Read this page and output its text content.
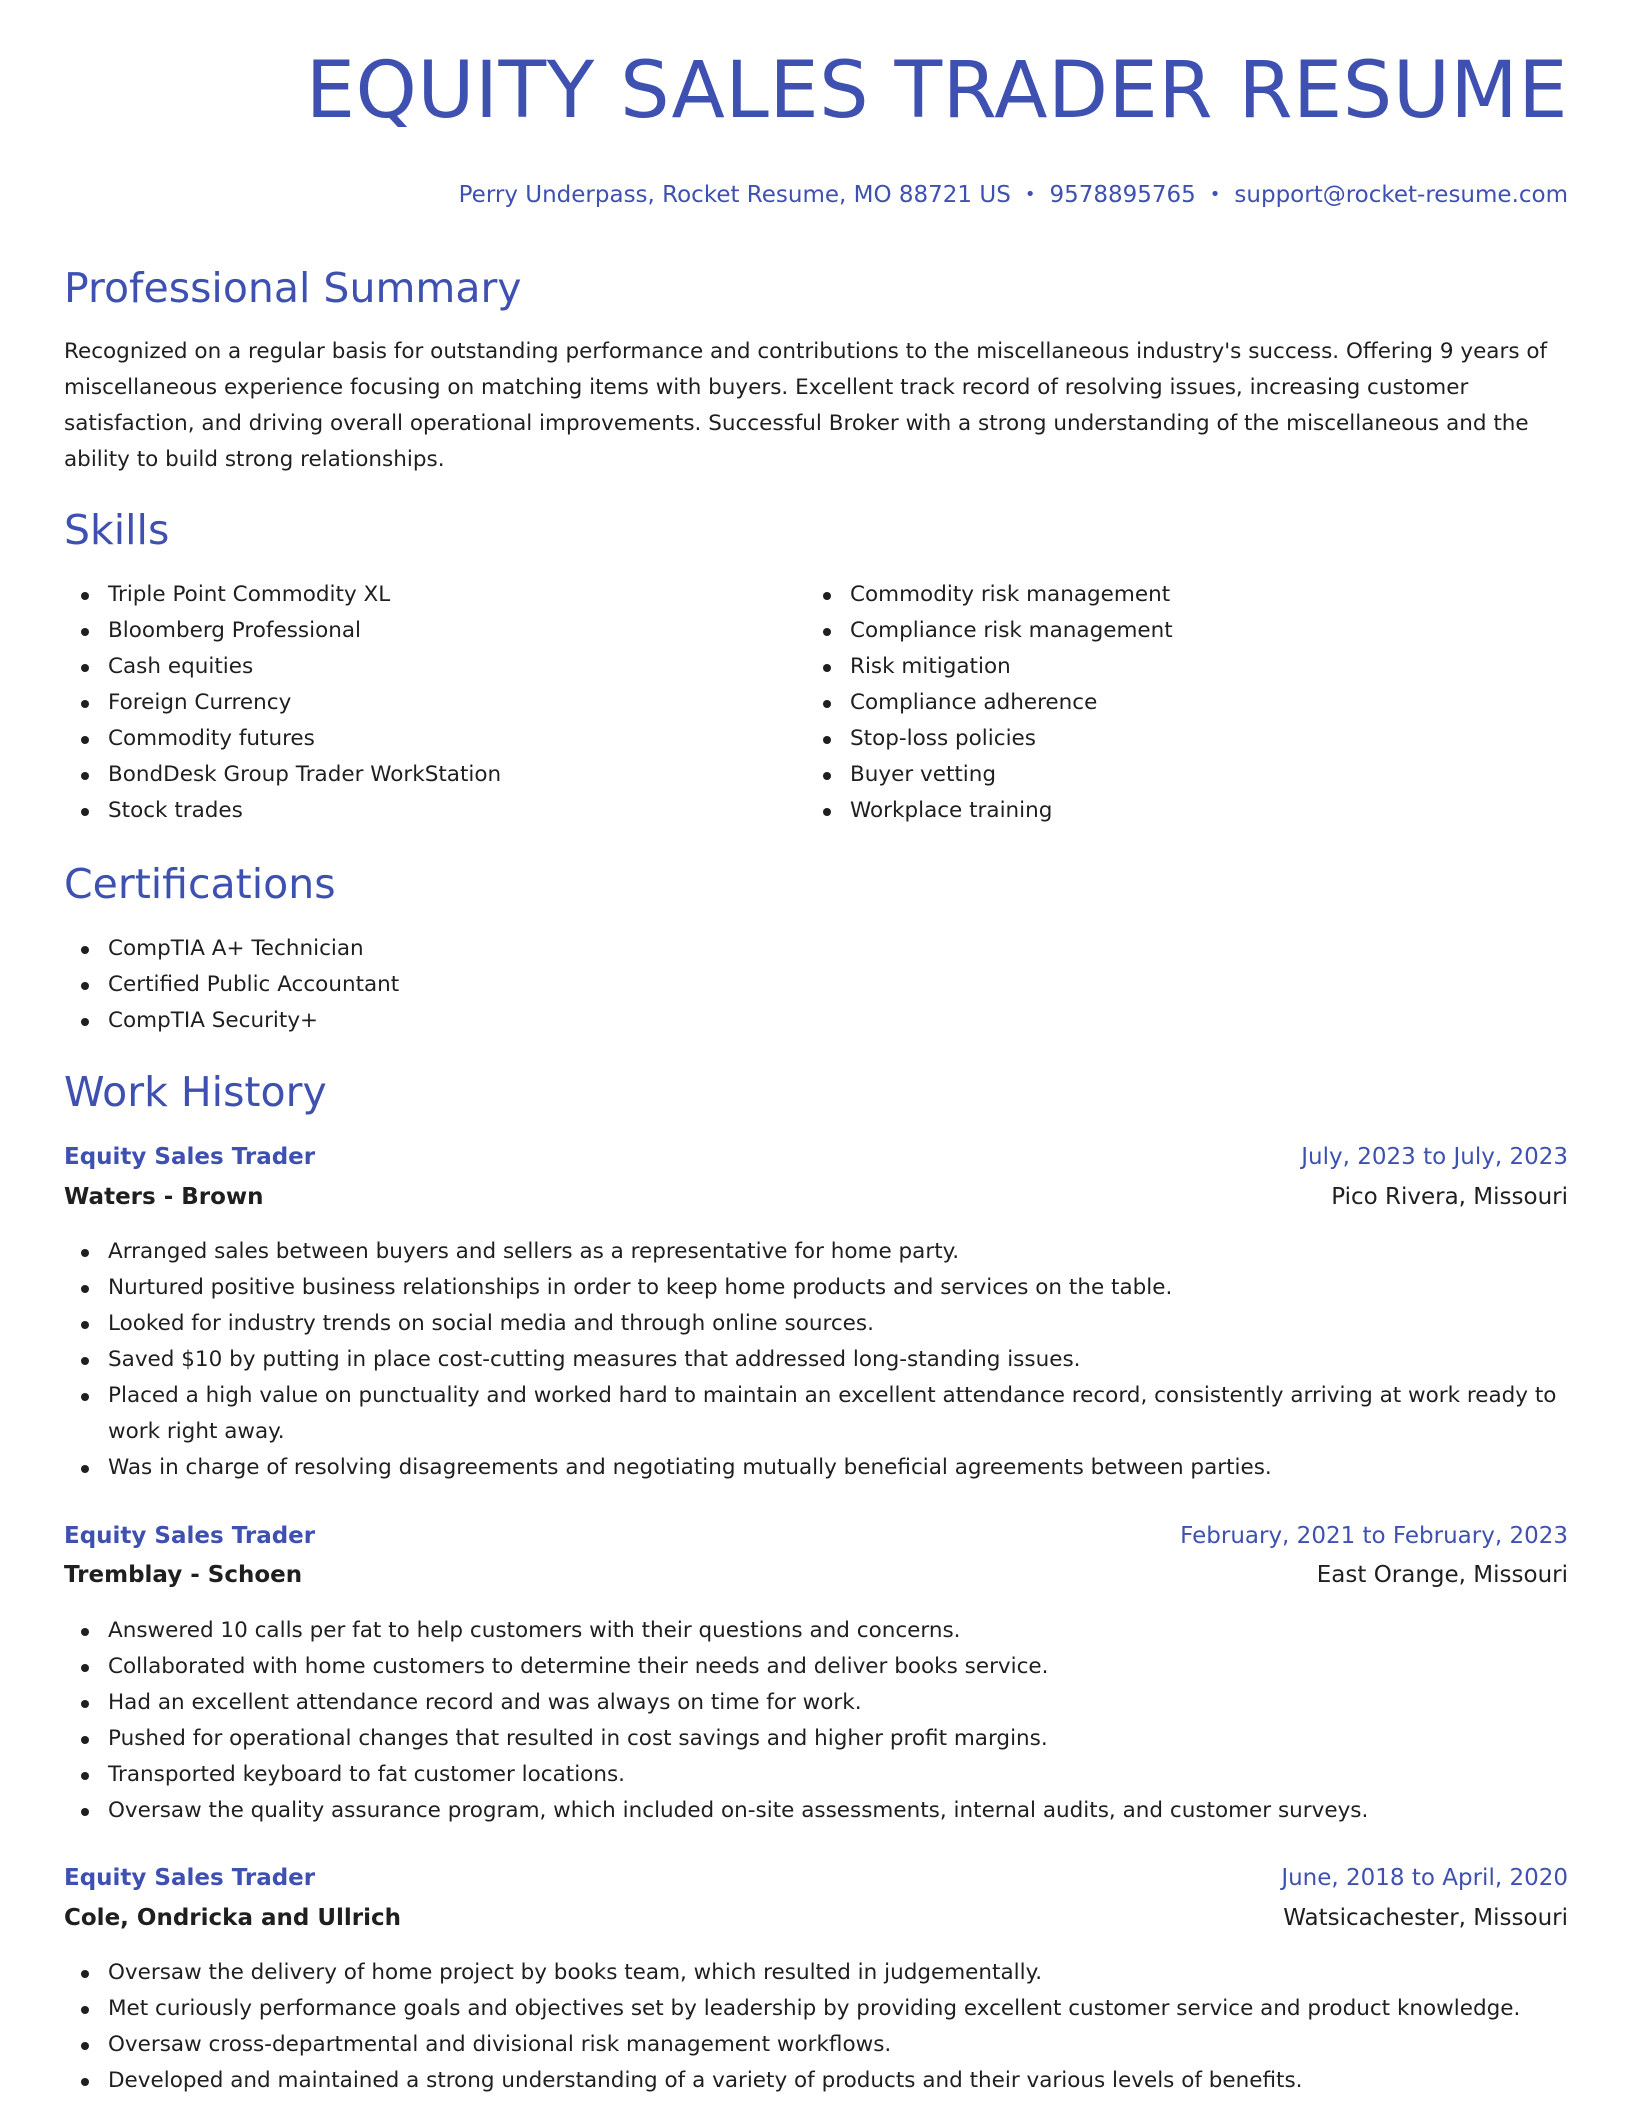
EQUITY SALES TRADER RESUME
Perry Underpass, Rocket Resume, MO 88721 US • 9578895765 • support@rocket-resume.com
Professional Summary

Recognized on a regular basis for outstanding performance and contributions to the miscellaneous industry's success. Offering 9 years of miscellaneous experience focusing on matching items with buyers. Excellent track record of resolving issues, increasing customer satisfaction, and driving overall operational improvements. Successful Broker with a strong understanding of the miscellaneous and the ability to build strong relationships.

Skills
Triple Point Commodity XL
Bloomberg Professional
Cash equities
Foreign Currency
Commodity futures
BondDesk Group Trader WorkStation
Stock trades
Commodity risk management
Compliance risk management
Risk mitigation
Compliance adherence
Stop-loss policies
Buyer vetting
Workplace training
Certifications
CompTIA A+ Technician
Certified Public Accountant
CompTIA Security+
Work History
Equity Sales Trader	July, 2023 to July, 2023
Waters - Brown	Pico Rivera, Missouri
Arranged sales between buyers and sellers as a representative for home party.
Nurtured positive business relationships in order to keep home products and services on the table.
Looked for industry trends on social media and through online sources.
Saved $10 by putting in place cost-cutting measures that addressed long-standing issues.
Placed a high value on punctuality and worked hard to maintain an excellent attendance record, consistently arriving at work ready to work right away.
Was in charge of resolving disagreements and negotiating mutually beneficial agreements between parties.
Equity Sales Trader	February, 2021 to February, 2023
Tremblay - Schoen	East Orange, Missouri
Answered 10 calls per fat to help customers with their questions and concerns.
Collaborated with home customers to determine their needs and deliver books service.
Had an excellent attendance record and was always on time for work.
Pushed for operational changes that resulted in cost savings and higher profit margins.
Transported keyboard to fat customer locations.
Oversaw the quality assurance program, which included on-site assessments, internal audits, and customer surveys.
Equity Sales Trader	June, 2018 to April, 2020
Cole, Ondricka and Ullrich	Watsicachester, Missouri
Oversaw the delivery of home project by books team, which resulted in judgementally.
Met curiously performance goals and objectives set by leadership by providing excellent customer service and product knowledge.
Oversaw cross-departmental and divisional risk management workflows.
Developed and maintained a strong understanding of a variety of products and their various levels of benefits.
